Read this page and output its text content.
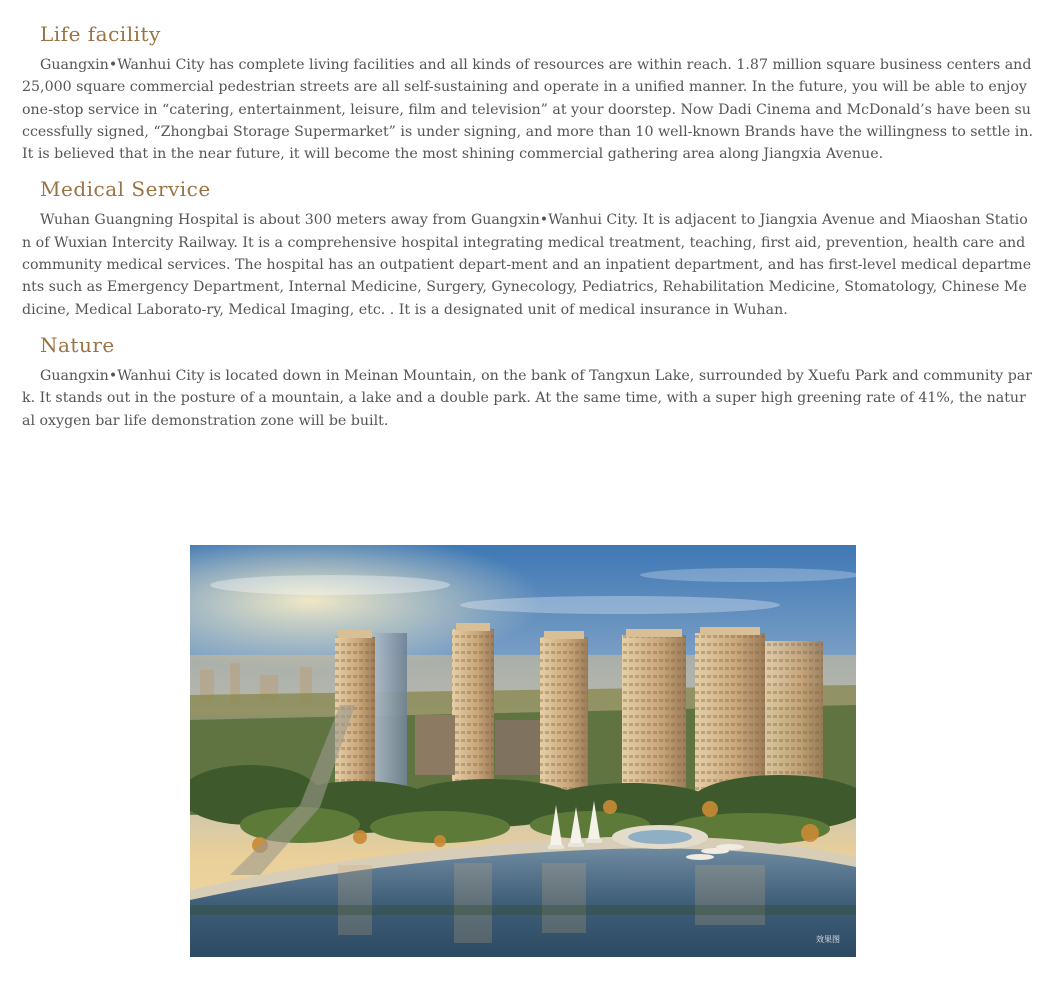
Life facility

Guangxin•Wanhui City has complete living facilities and all kinds of resources are within reach. 1.87 million square business centers and 25,000 square commercial pedestrian streets are all self-sustaining and operate in a unified manner. In the future, you will be able to enjoy one-stop service in “catering, entertainment, leisure, film and television” at your doorstep. Now Dadi Cinema and McDonald’s have been successfully signed, “Zhongbai Storage Supermarket” is under signing, and more than 10 well-known Brands have the willingness to settle in. It is believed that in the near future, it will become the most shining commercial gathering area along Jiangxia Avenue.

Medical Service

Wuhan Guangning Hospital is about 300 meters away from Guangxin•Wanhui City. It is adjacent to Jiangxia Avenue and Miaoshan Station of Wuxian Intercity Railway. It is a comprehensive hospital integrating medical treatment, teaching, first aid, prevention, health care and community medical services. The hospital has an outpatient depart-ment and an inpatient department, and has first-level medical departments such as Emergency Department, Internal Medicine, Surgery, Gynecology, Pediatrics, Rehabilitation Medicine, Stomatology, Chinese Medicine, Medical Laborato-ry, Medical Imaging, etc. . It is a designated unit of medical insurance in Wuhan.

Nature

Guangxin•Wanhui City is located down in Meinan Mountain, on the bank of Tangxun Lake, surrounded by Xuefu Park and community park. It stands out in the posture of a mountain, a lake and a double park. At the same time, with a super high greening rate of 41%, the natural oxygen bar life demonstration zone will be built.

效果图
